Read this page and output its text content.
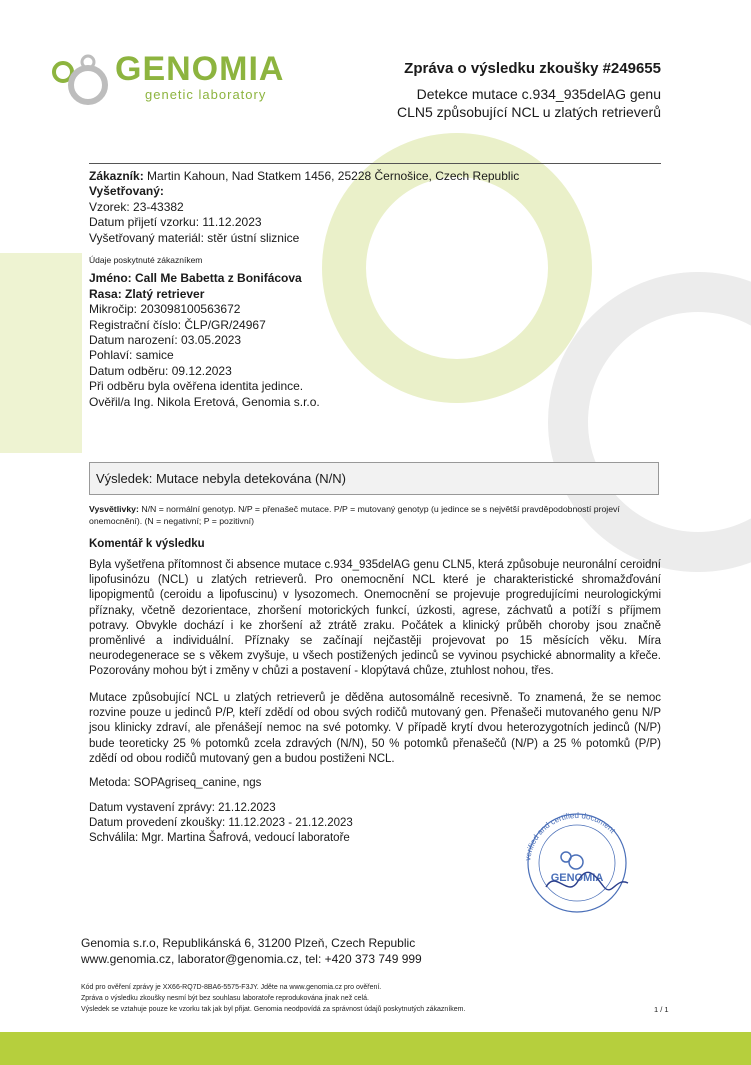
GENOMIA
genetic laboratory
Zpráva o výsledku zkoušky #249655
Detekce mutace c.934_935delAG genu
CLN5 způsobující NCL u zlatých retrieverů
Zákazník: Martin Kahoun, Nad Statkem 1456, 25228 Černošice, Czech Republic
Vyšetřovaný:
Vzorek: 23-43382
Datum přijetí vzorku: 11.12.2023
Vyšetřovaný materiál: stěr ústní sliznice
Údaje poskytnuté zákazníkem
Jméno: Call Me Babetta z Bonifácova
Rasa: Zlatý retriever
Mikročip: 203098100563672
Registrační číslo: ČLP/GR/24967
Datum narození: 03.05.2023
Pohlaví: samice
Datum odběru: 09.12.2023
Při odběru byla ověřena identita jedince.
Ověřil/a Ing. Nikola Eretová, Genomia s.r.o.
Výsledek: Mutace nebyla detekována (N/N)
Vysvětlivky: N/N = normální genotyp. N/P = přenašeč mutace. P/P = mutovaný genotyp (u jedince se s největší pravděpodobností projeví onemocnění). (N = negativní; P = pozitivní)
Komentář k výsledku
Byla vyšetřena přítomnost či absence mutace c.934_935delAG genu CLN5, která způsobuje neuronální ceroidní lipofusinózu (NCL) u zlatých retrieverů. Pro onemocnění NCL které je charakteristické shromažďování lipopigmentů (ceroidu a lipofuscinu) v lysozomech. Onemocnění se projevuje progredujícími neurologickými příznaky, včetně dezorientace, zhoršení motorických funkcí, úzkosti, agrese, záchvatů a potíží s příjmem potravy. Obvykle dochází i ke zhoršení až ztrátě zraku. Počátek a klinický průběh choroby jsou značně proměnlivé a individuální. Příznaky se začínají nejčastěji projevovat po 15 měsících věku. Míra neurodegenerace se s věkem zvyšuje, u všech postižených jedinců se vyvinou psychické abnormality a křeče. Pozorovány mohou být i změny v chůzi a postavení - klopýtavá chůze, ztuhlost nohou, třes.
Mutace způsobující NCL u zlatých retrieverů je děděna autosomálně recesivně. To znamená, že se nemoc rozvine pouze u jedinců P/P, kteří zdědí od obou svých rodičů mutovaný gen. Přenašeči mutovaného genu N/P jsou klinicky zdraví, ale přenášejí nemoc na své potomky. V případě krytí dvou heterozygotních jedinců (N/P) bude teoreticky 25 % potomků zcela zdravých (N/N), 50 % potomků přenašečů (N/P) a 25 % potomků (P/P) zdědí od obou rodičů mutovaný gen a budou postiženi NCL.
Metoda: SOPAgriseq_canine, ngs
Datum vystavení zprávy: 21.12.2023
Datum provedení zkoušky: 11.12.2023 - 21.12.2023
Schválila: Mgr. Martina Šafrová, vedoucí laboratoře
verified and certified document
GENOMIA
Genomia s.r.o, Republikánská 6, 31200 Plzeň, Czech Republic
www.genomia.cz, laborator@genomia.cz, tel: +420 373 749 999
Kód pro ověření zprávy je XX66-RQ7D-8BA6-5575-F3JY. Jděte na www.genomia.cz pro ověření.
Zpráva o výsledku zkoušky nesmí být bez souhlasu laboratoře reprodukována jinak než celá.
Výsledek se vztahuje pouze ke vzorku tak jak byl přijat. Genomia neodpovídá za správnost údajů poskytnutých zákazníkem.	1 / 1
